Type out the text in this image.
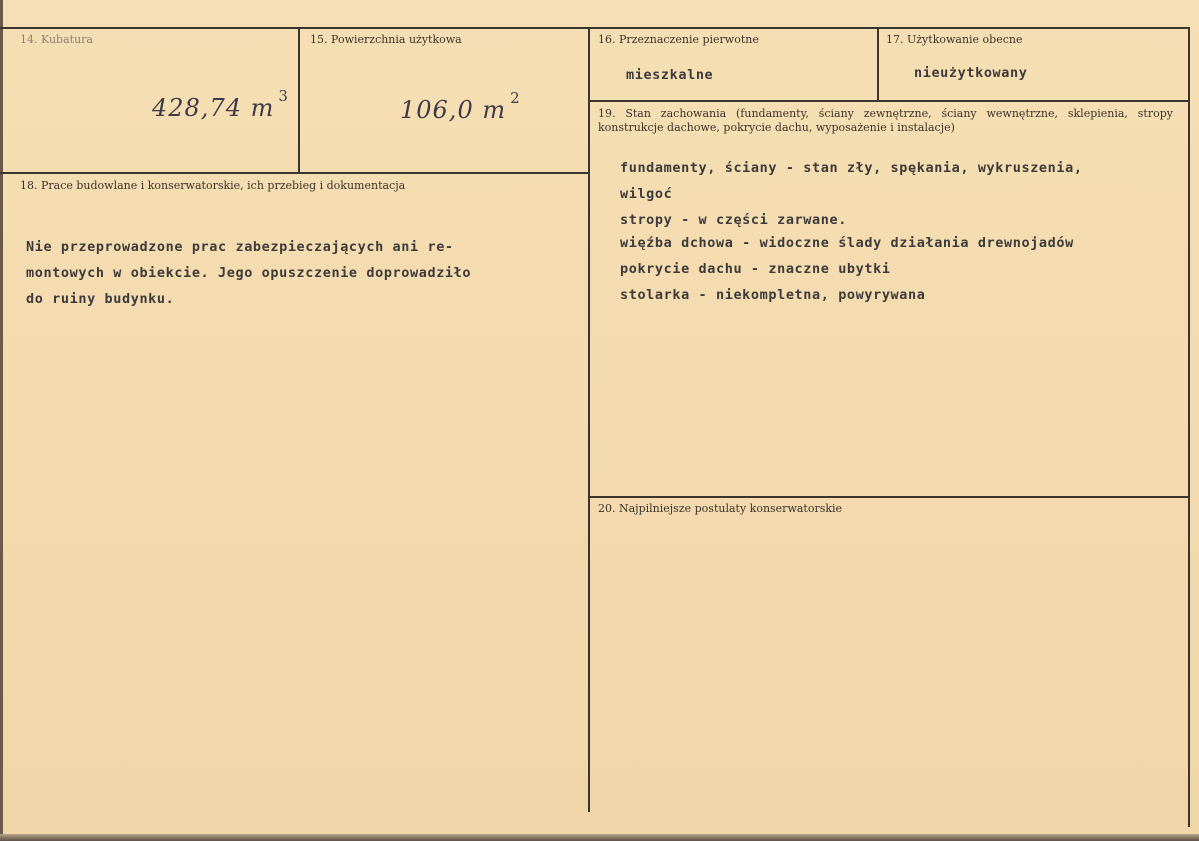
14. Kubatura
428,74 m $^3$
15. Powierzchnia użytkowa
106,0 m $^2$
16. Przeznaczenie pierwotne
mieszkalne
17. Użytkowanie obecne
nieużytkowany
18. Prace budowlane i konserwatorskie, ich przebieg i dokumentacja
Nie przeprowadzone prac zabezpieczających ani re-
montowych w obiekcie. Jego opuszczenie doprowadziło
do ruiny budynku.
19. Stan zachowania (fundamenty, ściany zewnętrzne, ściany wewnętrzne, sklepienia, stropy konstrukcje dachowe, pokrycie dachu, wyposażenie i instalacje)
fundamenty, ściany - stan zły, spękania, wykruszenia,
wilgoć
stropy - w części zarwane.
więźba dchowa - widoczne ślady działania drewnojadów
pokrycie dachu - znaczne ubytki
stolarka - niekompletna, powyrywana
20. Najpilniejsze postulaty konserwatorskie
